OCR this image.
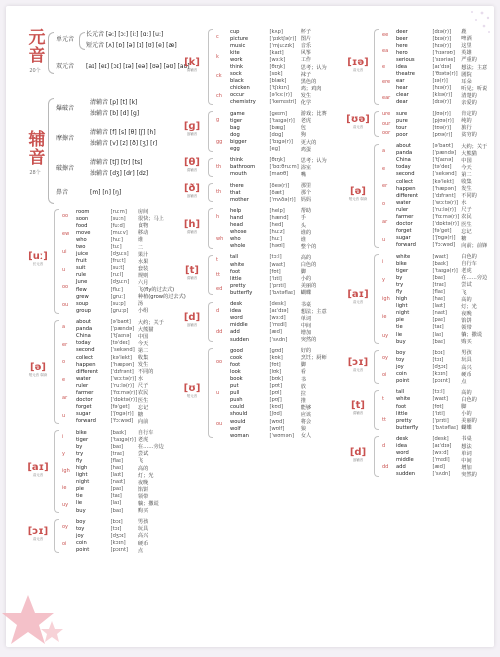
元音
20个
单元音
双元音
长元音 [ə:] [ɔ:] [i:] [ɑ:] [u:]
短元音 [ʌ] [ɒ] [ə] [ɪ] [ʊ] [e] [æ]
[aɪ] [eɪ] [ɔɪ] [ɪə] [eə] [ʊə] [əʊ] [aʊ]
辅音
28个
爆破音
清辅音 [p] [t] [k]
浊辅音 [b] [d] [g]
摩擦音
清辅音 [f] [s] [θ] [ʃ] [h]
浊辅音 [v] [z] [ð] [ʒ] [r]
破擦音
清辅音 [tʃ] [tr] [ts]
浊辅音 [dʒ] [dr] [dz]
鼻音	[m] [n] [ŋ]
[uː]
长元音
oo
ew
ui
u
oo
ou
room	[ruːm]	房间
soon	[suːn]	很快；马上
food	[fuːd]	食物
move	[muːv]	移动
who	[huː]	谁
two	[tuː]	二
juice	[dʒuːs]	果汁
fruit	[fruːt]	水果
suit	[suːt]	套装
rule	[ruːl]	规则
June	[dʒuːn]	六月
flew	[fluː]	飞(fly的过去式)
grew	[ɡruː]	种植(grow的过去式)
soup	[suːp]	汤
group	[ɡruːp]	小组
[ə]
短元音 弱读
a
er
o
e
ar
u
about	[əˈbaʊt]	大约；关于
panda	[ˈpændə] 大熊猫
China	[ˈtʃaɪnə]	中国
today	[təˈdeɪ]	今天
second	[ˈsekənd] 第二
collect	[kəˈlekt]	收集
happen	[ˈhæpən] 发生
different	[ˈdɪfrənt] 不同的
water	[ˈwɔːtə(r)] 水
ruler	[ˈruːlə(r)] 尺子
farmer	[ˈfɑːmə(r)] 农民
doctor	[ˈdɒktə(r)] 医生
forget	[fəˈɡet]	忘记
sugar	[ˈʃʊɡə(r)] 糖
forward	[ˈfɔːwəd] 向前
[aɪ]
双元音
i
y
igh
ie
uy
bike	[baɪk]	自行车
tiger	[ˈtaɪɡə(r)] 老虎
by	[baɪ]	在……旁边
try	[traɪ]	尝试
fly	[flaɪ]	飞
high	[haɪ]	高的
light	[laɪt]	灯；光
night	[naɪt]	夜晚
pie	[paɪ]	馅饼
tie	[taɪ]	领带
lie	[laɪ]	躺；撒谎
buy	[baɪ]	购买
[ɔɪ]
双元音
oy
oi
boy	[bɔɪ]	男孩
toy	[tɔɪ]	玩具
joy	[dʒɔɪ]	高兴
coin	[kɔɪn]	硬币
point	[pɔɪnt]	点
[k]
清辅音
c
k
ck
ch
cup	[kʌp]	杯子
picture	[ˈpɪktʃə(r)] 图片
music	[ˈmjuːzɪk]	音乐
kite	[kaɪt]	风筝
work	[wɜːk]	工作
think	[θɪŋk]	思考；认为
sock	[sɒk]	袜子
black	[blæk]	黑色的
chicken	[ˈtʃɪkɪn]	鸡；鸡肉
occur	[əˈkɜː(r)]	发生
chemistry	[ˈkemɪstri] 化学
[ɡ]
浊辅音
g
gg
game	[ɡeɪm]	游戏；比赛
tiger	[ˈtaɪɡə(r)]	老虎
bag	[bæɡ]	包
dog	[dɒɡ]	狗
bigger	[ˈbɪɡə(r)]	更大的
egg	[eɡ]	鸡蛋
[θ]
清辅音
th
think	[θɪŋk]	思考；认为
bathroom	[ˈbɑːθruːm] 浴室
mouth	[maʊθ]	嘴
[ð]
浊辅音
th
there	[ðeə(r)]	那里
that	[ðæt]	那个
mother	[ˈmʌðə(r)] 妈妈
[h]
清辅音
h
wh
help	[help]	帮助
hand	[hænd]	手
head	[hed]	头
whose	[huːz]	谁的
who	[huː]	谁
whole	[həʊl]	整个的
[t]
清辅音
t
tt
ed
tall	[tɔːl]	高的
white	[waɪt]	白色的
foot	[fʊt]	脚
little	[ˈlɪtl]	小的
pretty	[ˈprɪti]	美丽的
butterfly	[ˈbʌtəflaɪ]	蝴蝶
[d]
浊辅音
d
dd
desk	[desk]	书桌
idea	[aɪˈdɪə]	想法；主意
word	[wɜːd]	单词
middle	[ˈmɪdl]	中间
add	[æd]	增加
sudden	[ˈsʌdn]	突然的
[ʊ]
短元音
oo
u
ou
good	[ɡʊd]	好的
cook	[kʊk]	烹饪；厨师
foot	[fʊt]	脚
look	[lʊk]	看
book	[bʊk]	书
put	[pʊt]	放
pull	[pʊl]	拉
push	[pʊʃ]	推
could	[kʊd]	能够
should	[ʃʊd]	应该
would	[wʊd]	将会
wolf	[wʊlf]	狼
woman	[ˈwʊmən]	女人
[ɪə]
双元音
ee
ea
e
ere
ear
deer	[dɪə(r)]	鹿
beer	[bɪə(r)]	啤酒
here	[hɪə(r)]	这里
hero	[ˈhɪərəʊ]	英雄
serious	[ˈsɪəriəs]	严重的
idea	[aɪˈdɪə]	想法；主意
theatre	[ˈθɪətə(r)] 剧院
ear	[ɪə(r)]	耳朵
hear	[hɪə(r)]	听见；听说
clear	[klɪə(r)]	清楚的
dear	[dɪə(r)]	亲爱的
[ʊə]
双元音
ure
our
oor
sure	[ʃʊə(r)]	肯定的
pure	[pjʊə(r)]	纯的
tour	[tʊə(r)]	旅行
poor	[pʊə(r)]	贫穷的
[ə]
短元音 弱读
a
e
er
o
ar
u
about	[əˈbaʊt]	大约；关于
panda	[ˈpændə] 大熊猫
China	[ˈtʃaɪnə]	中国
today	[təˈdeɪ]	今天
second	[ˈsekənd] 第二
collect	[kəˈlekt]	收集
happen	[ˈhæpən] 发生
different	[ˈdɪfrənt]	不同的
water	[ˈwɔːtə(r)] 水
ruler	[ˈruːlə(r)]	尺子
farmer	[ˈfɑːmə(r)] 农民
doctor	[ˈdɒktə(r)] 医生
forget	[fəˈɡet]	忘记
sugar	[ˈʃʊɡə(r)]	糖
forward	[ˈfɔːwəd]	向前；前锋
[aɪ]
双元音
i
y
igh
ie
uy
white	[waɪt]	白色的
bike	[baɪk]	自行车
tiger	[ˈtaɪɡə(r)] 老虎
by	[baɪ]	在……旁边
try	[traɪ]	尝试
fly	[flaɪ]	飞
high	[haɪ]	高的
light	[laɪt]	灯；光
night	[naɪt]	夜晚
pie	[paɪ]	馅饼
tie	[taɪ]	领带
lie	[laɪ]	躺；撒谎
buy	[baɪ]	购买
[ɔɪ]
双元音
oy
oi
boy	[bɔɪ]	男孩
toy	[tɔɪ]	玩具
joy	[dʒɔɪ]	高兴
coin	[kɔɪn]	硬币
point	[pɔɪnt]	点
[t]
清辅音
t
tt
tall	[tɔːl]	高的
white	[waɪt]	白色的
foot	[fʊt]	脚
little	[ˈlɪtl]	小的
pretty	[ˈprɪti]	美丽的
butterfly	[ˈbʌtəflaɪ] 蝴蝶
[d]
浊辅音
d
dd
desk	[desk]	书桌
idea	[aɪˈdɪə]	想法
word	[wɜːd]	单词
middle	[ˈmɪdl]	中间
add	[æd]	增加
sudden	[ˈsʌdn]	突然的
